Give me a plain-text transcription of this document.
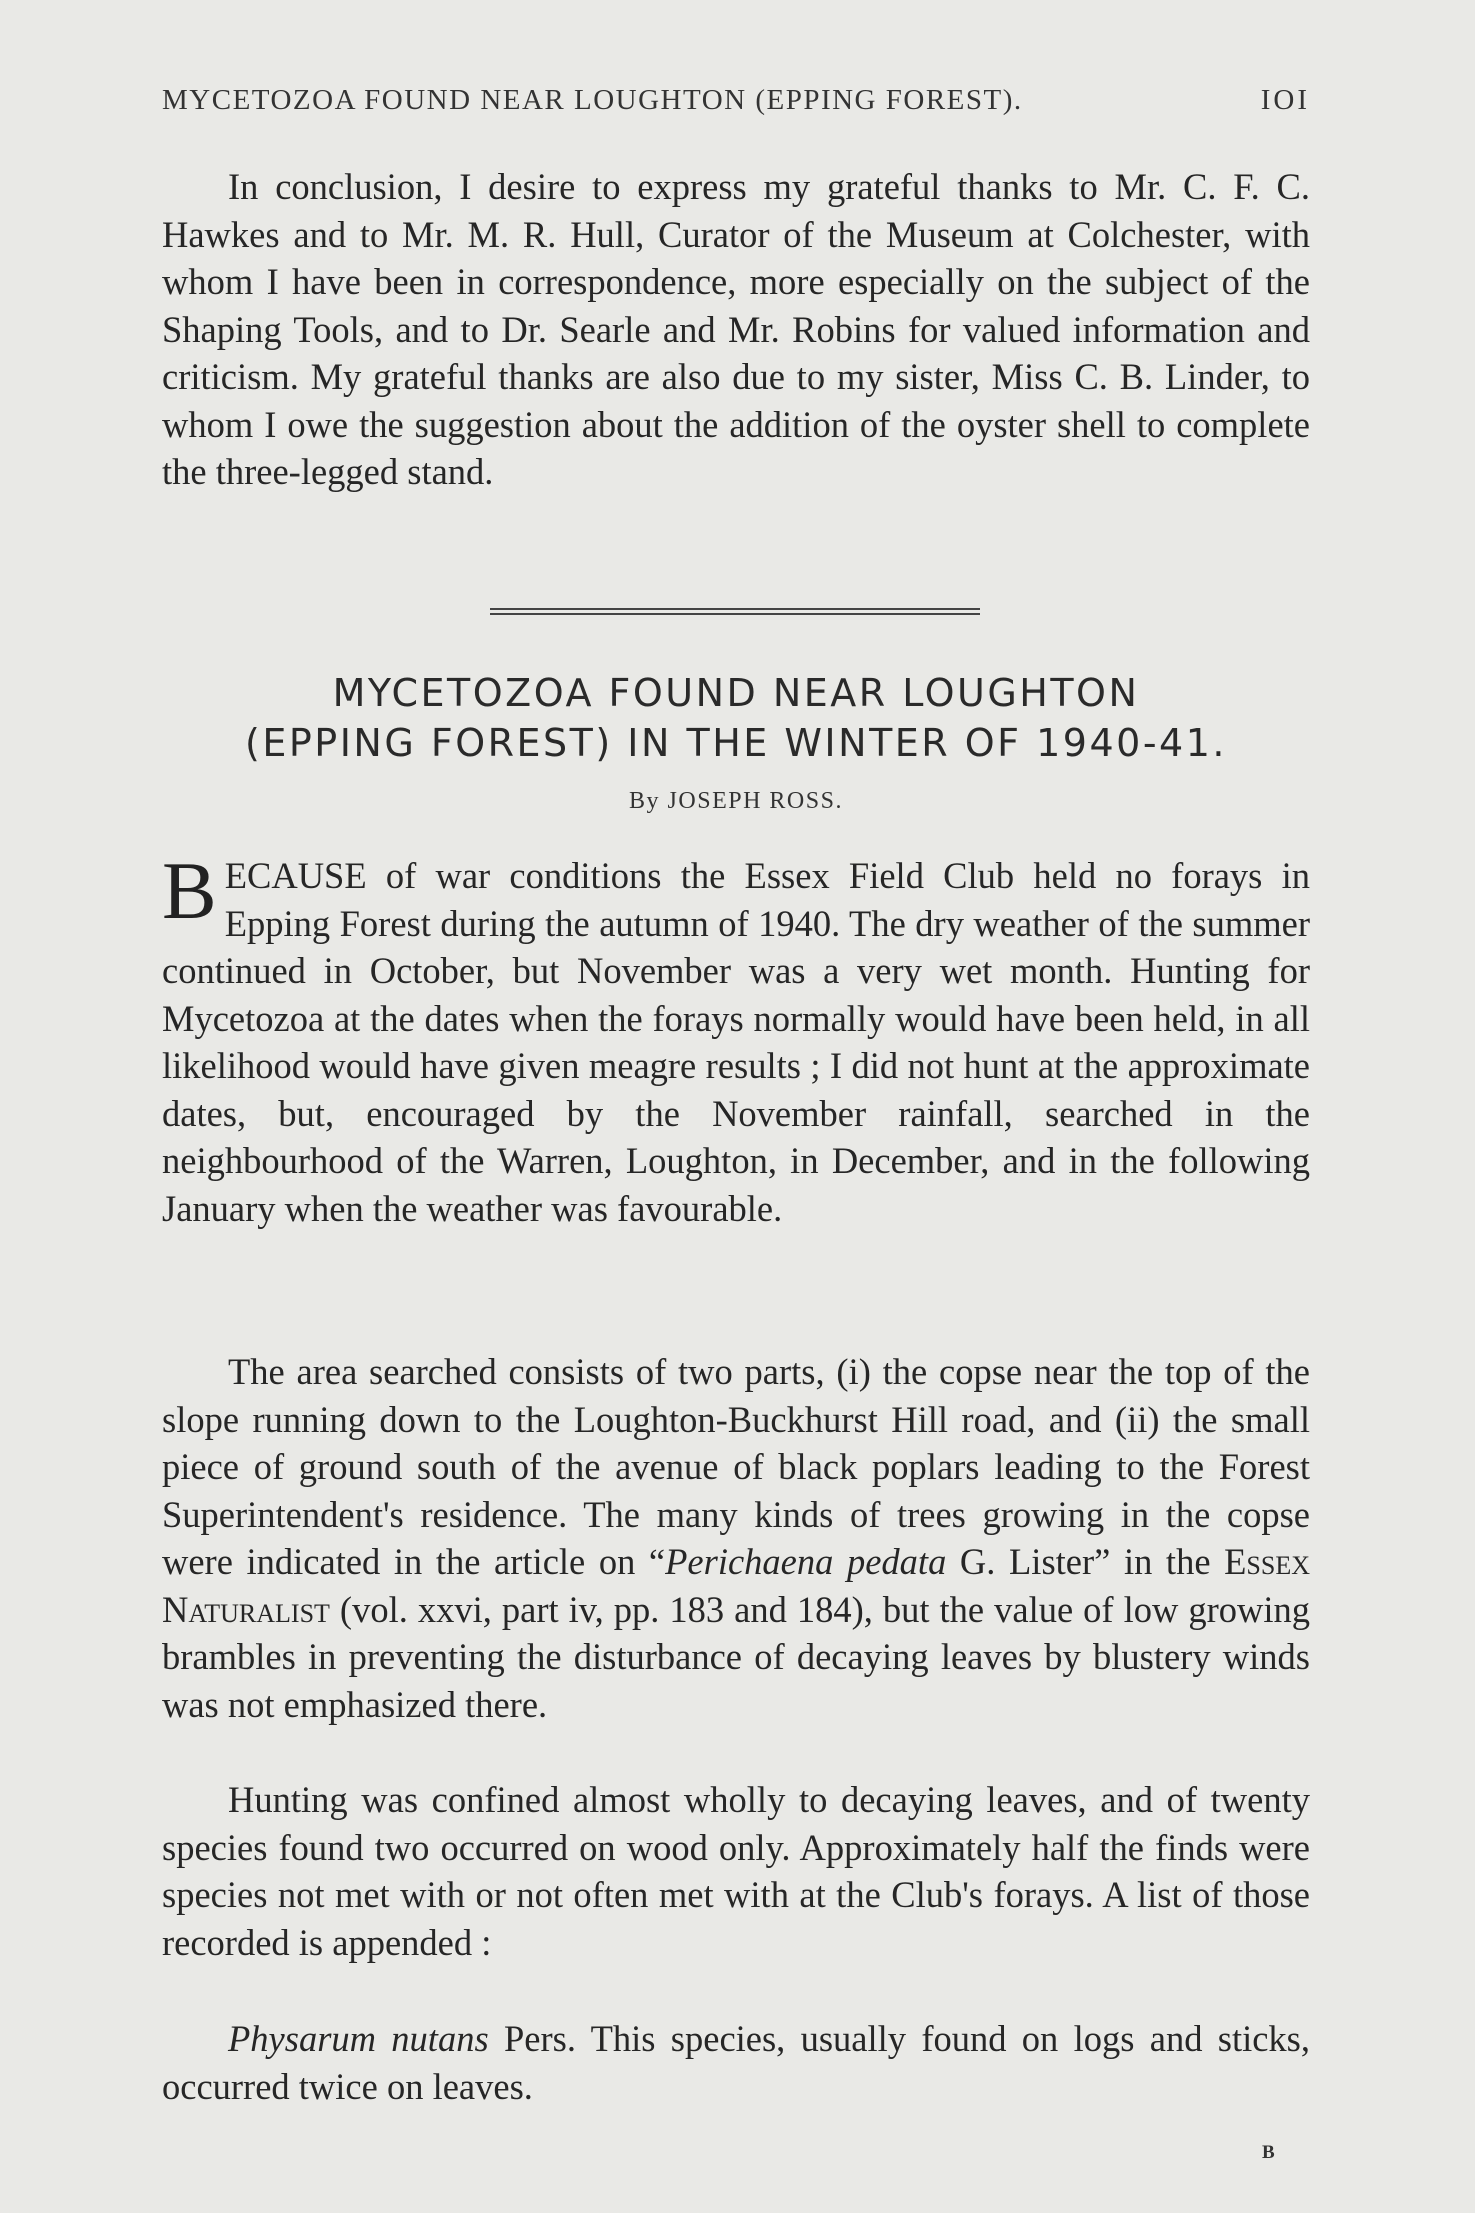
MYCETOZOA FOUND NEAR LOUGHTON (EPPING FOREST).	IOI

In conclusion, I desire to express my grateful thanks to Mr. C. F. C. Hawkes and to Mr. M. R. Hull, Curator of the Museum at Colchester, with whom I have been in correspondence, more especially on the subject of the Shaping Tools, and to Dr. Searle and Mr. Robins for valued information and criticism. My grateful thanks are also due to my sister, Miss C. B. Linder, to whom I owe the suggestion about the addition of the oyster shell to complete the three-legged stand.

MYCETOZOA FOUND NEAR LOUGHTON
(EPPING FOREST) IN THE WINTER OF 1940-41.
By JOSEPH ROSS.

BECAUSE of war conditions the Essex Field Club held no forays in Epping Forest during the autumn of 1940. The dry weather of the summer continued in October, but November was a very wet month. Hunting for Mycetozoa at the dates when the forays normally would have been held, in all likelihood would have given meagre results ; I did not hunt at the approximate dates, but, encouraged by the November rainfall, searched in the neighbourhood of the Warren, Loughton, in December, and in the following January when the weather was favourable.

The area searched consists of two parts, (i) the copse near the top of the slope running down to the Loughton-Buckhurst Hill road, and (ii) the small piece of ground south of the avenue of black poplars leading to the Forest Superintendent's residence. The many kinds of trees growing in the copse were indicated in the article on “Perichaena pedata G. Lister” in the Essex Naturalist (vol. xxvi, part iv, pp. 183 and 184), but the value of low growing brambles in preventing the disturbance of decaying leaves by blustery winds was not emphasized there.

Hunting was confined almost wholly to decaying leaves, and of twenty species found two occurred on wood only. Approximately half the finds were species not met with or not often met with at the Club's forays. A list of those recorded is appended :

Physarum nutans Pers. This species, usually found on logs and sticks, occurred twice on leaves.

B
